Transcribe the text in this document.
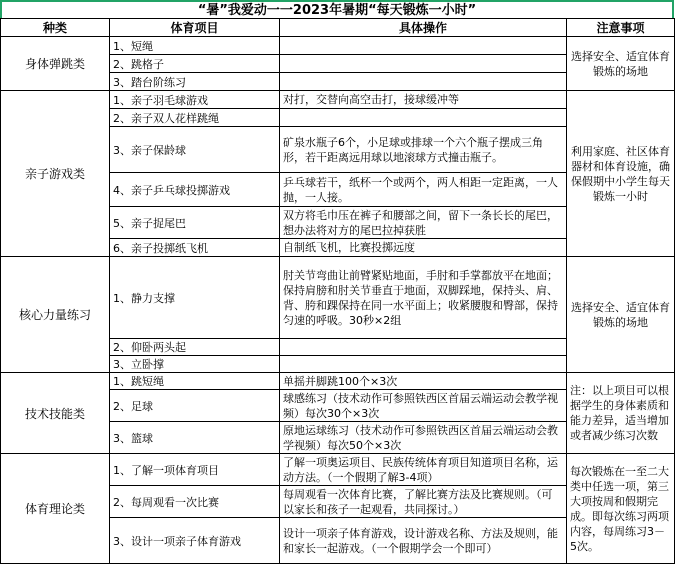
“暑”我爱动一一2023年暑期“每天锻炼一小时”
种类	体育项目	具体操作	注意事项
身体弹跳类	1、短绳		选择安全、适宜体育锻炼的场地
	2、跳格子		
	3、踏台阶练习		
亲子游戏类	1、亲子羽毛球游戏	对打，交替向高空击打，接球缓冲等	利用家庭、社区体育器材和体育设施，确保假期中小学生每天锻炼一小时
	2、亲子双人花样跳绳		
	3、亲子保龄球	矿泉水瓶子6个，小足球或排球一个六个瓶子摆成三角形，若干距离远用球以地滚球方式撞击瓶子。	
	4、亲子乒乓球投掷游戏	乒乓球若干，纸杯一个或两个，两人相距一定距离，一人抛，一人接。	
	5、亲子捉尾巴	双方将毛巾压在裤子和腰部之间，留下一条长长的尾巴，想办法将对方的尾巴拉掉获胜	
	6、亲子投掷纸飞机	自制纸飞机，比赛投掷远度	
核心力量练习	1、静力支撑	肘关节弯曲让前臂紧贴地面，手肘和手掌都放平在地面；保持肩膀和肘关节垂直于地面，双脚踩地，保持头、肩、背、胯和踝保持在同一水平面上；收紧腰腹和臀部，保持匀速的呼吸。30秒×2组	选择安全、适宜体育锻炼的场地
	2、仰卧两头起		
	3、立卧撑		
技术技能类	1、跳短绳	单摇并脚跳100个×3次	注：以上项目可以根据学生的身体素质和能力差异，适当增加或者减少练习次数
	2、足球	球感练习（技术动作可参照铁西区首届云端运动会教学视频）每次30个×3次	
	3、篮球	原地运球练习（技术动作可参照铁西区首届云端运动会教学视频）每次50个×3次	
体育理论类	1、了解一项体育项目	了解一项奥运项目、民族传统体育项目知道项目名称，运动方法。（一个假期了解3-4项）	每次锻炼在一至二大类中任选一项，第三大项按周和假期完成。即每次练习两项内容，每周练习3－5次。
	2、每周观看一次比赛	每周观看一次体育比赛，了解比赛方法及比赛规则。（可以家长和孩子一起观看，共同探讨。）	
	3、设计一项亲子体育游戏	设计一项亲子体育游戏，设计游戏名称、方法及规则，能和家长一起游戏。（一个假期学会一个即可）	
